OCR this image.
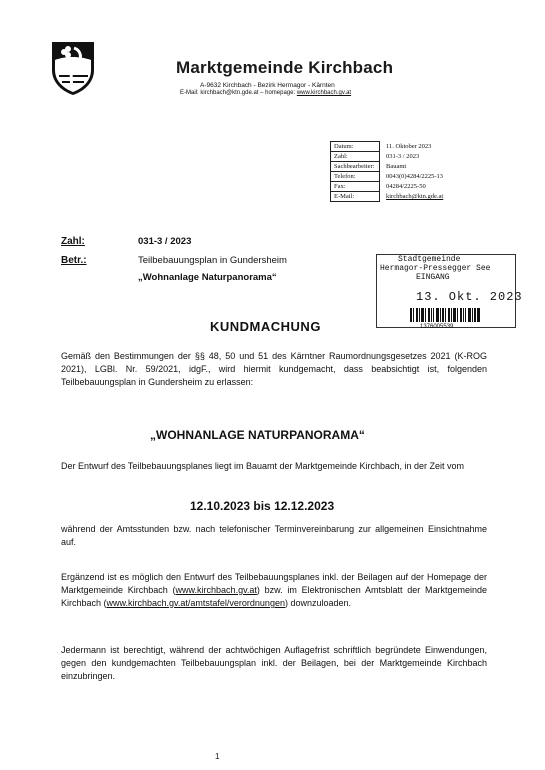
Marktgemeinde Kirchbach
A-9632 Kirchbach - Bezirk Hermagor - Kärnten
E-Mail: kirchbach@ktn.gde.at – homepage: www.kirchbach.gv.at
Datum:	11. Oktober 2023
Zahl:	031-3 / 2023
Sachbearbeiter:	Bauamt
Telefon:	0043(0)4284/2225-13
Fax:	04284/2225-50
E-Mail:	kirchbach@ktn.gde.at
Zahl:	031-3 / 2023
Betr.:	Teilbebauungsplan in Gundersheim
„Wohnanlage Naturpanorama“
Stadtgemeinde
Hermagor-Pressegger See
EINGANG
13. Okt. 2023
1376005539
KUNDMACHUNG
Gemäß den Bestimmungen der §§ 48, 50 und 51 des Kärntner Raumordnungsgesetzes 2021 (K-ROG 2021), LGBl. Nr. 59/2021, idgF., wird hiermit kundgemacht, dass beabsichtigt ist, folgenden Teilbebauungsplan in Gundersheim zu erlassen:
„WOHNANLAGE NATURPANORAMA“
Der Entwurf des Teilbebauungsplanes liegt im Bauamt der Marktgemeinde Kirchbach, in der Zeit vom
12.10.2023 bis 12.12.2023
während der Amtsstunden bzw. nach telefonischer Terminvereinbarung zur allgemeinen Einsichtnahme auf.
Ergänzend ist es möglich den Entwurf des Teilbebauungsplanes inkl. der Beilagen auf der Homepage der Marktgemeinde Kirchbach (www.kirchbach.gv.at) bzw. im Elektronischen Amtsblatt der Marktgemeinde Kirchbach (www.kirchbach.gv.at/amtstafel/verordnungen) downzuloaden.
Jedermann ist berechtigt, während der achtwöchigen Auflagefrist schriftlich begründete Einwendungen, gegen den kundgemachten Teilbebauungsplan inkl. der Beilagen, bei der Marktgemeinde Kirchbach einzubringen.
1
